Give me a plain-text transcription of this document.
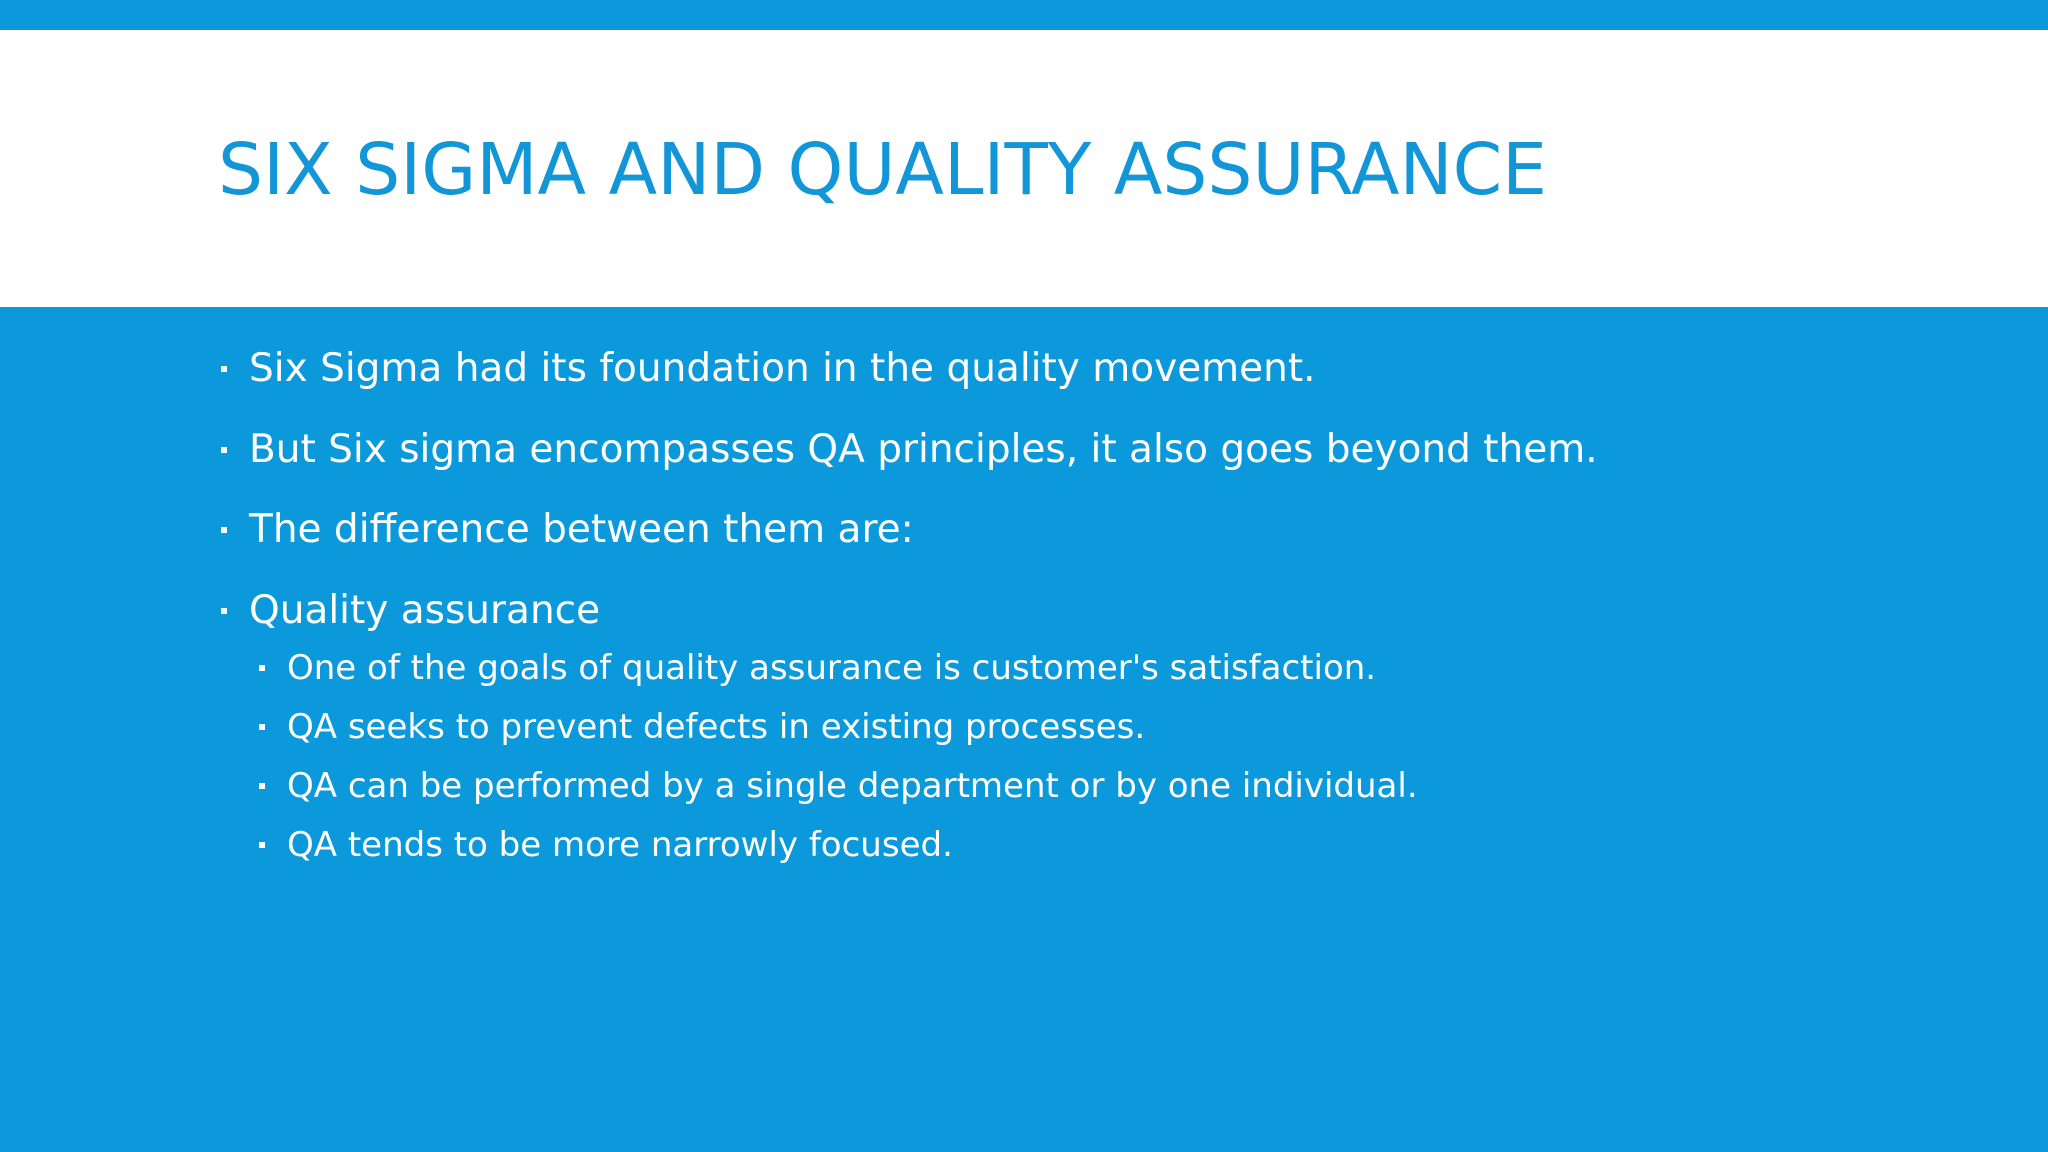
SIX SIGMA AND QUALITY ASSURANCE
Six Sigma had its foundation in the quality movement.
But Six sigma encompasses QA principles, it also goes beyond them.
The difference between them are:
Quality assurance
One of the goals of quality assurance is customer's satisfaction.
QA seeks to prevent defects in existing processes.
QA can be performed by a single department or by one individual.
QA tends to be more narrowly focused.
